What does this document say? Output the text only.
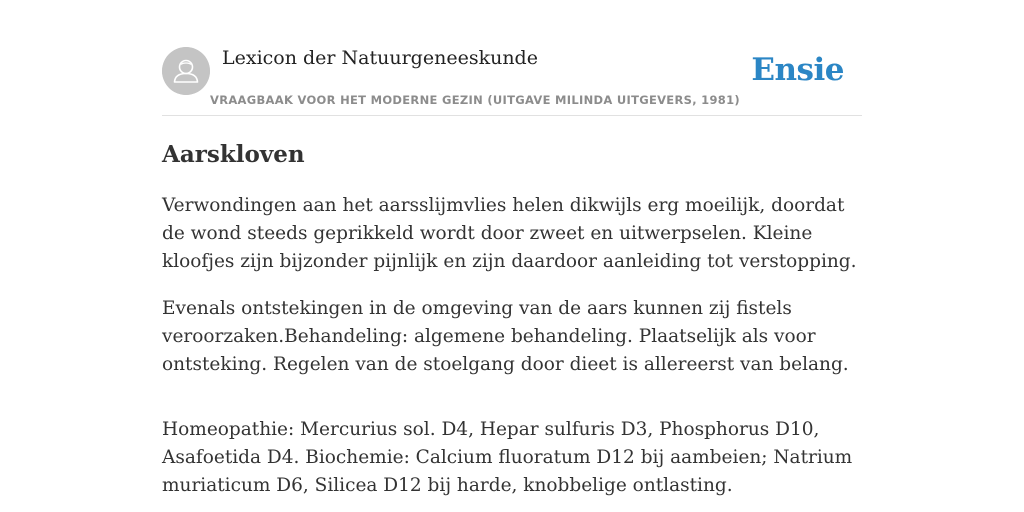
Lexicon der Natuurgeneeskunde
VRAAGBAAK VOOR HET MODERNE GEZIN (UITGAVE MILINDA UITGEVERS, 1981)
Ensie
Aarskloven

Verwondingen aan het aarsslijmvlies helen dikwijls erg moeilijk, doordat de wond steeds geprikkeld wordt door zweet en uitwerpselen. Kleine kloofjes zijn bijzonder pijnlijk en zijn daardoor aanleiding tot verstopping.

Evenals ontstekingen in de omgeving van de aars kunnen zij fistels veroorzaken.Behandeling: algemene behandeling. Plaatselijk als voor ontsteking. Regelen van de stoelgang door dieet is allereerst van belang.

Homeopathie: Mercurius sol. D4, Hepar sulfuris D3, Phosphorus D10, Asafoetida D4. Biochemie: Calcium fluoratum D12 bij aambeien; Natrium muriaticum D6, Silicea D12 bij harde, knobbelige ontlasting.
